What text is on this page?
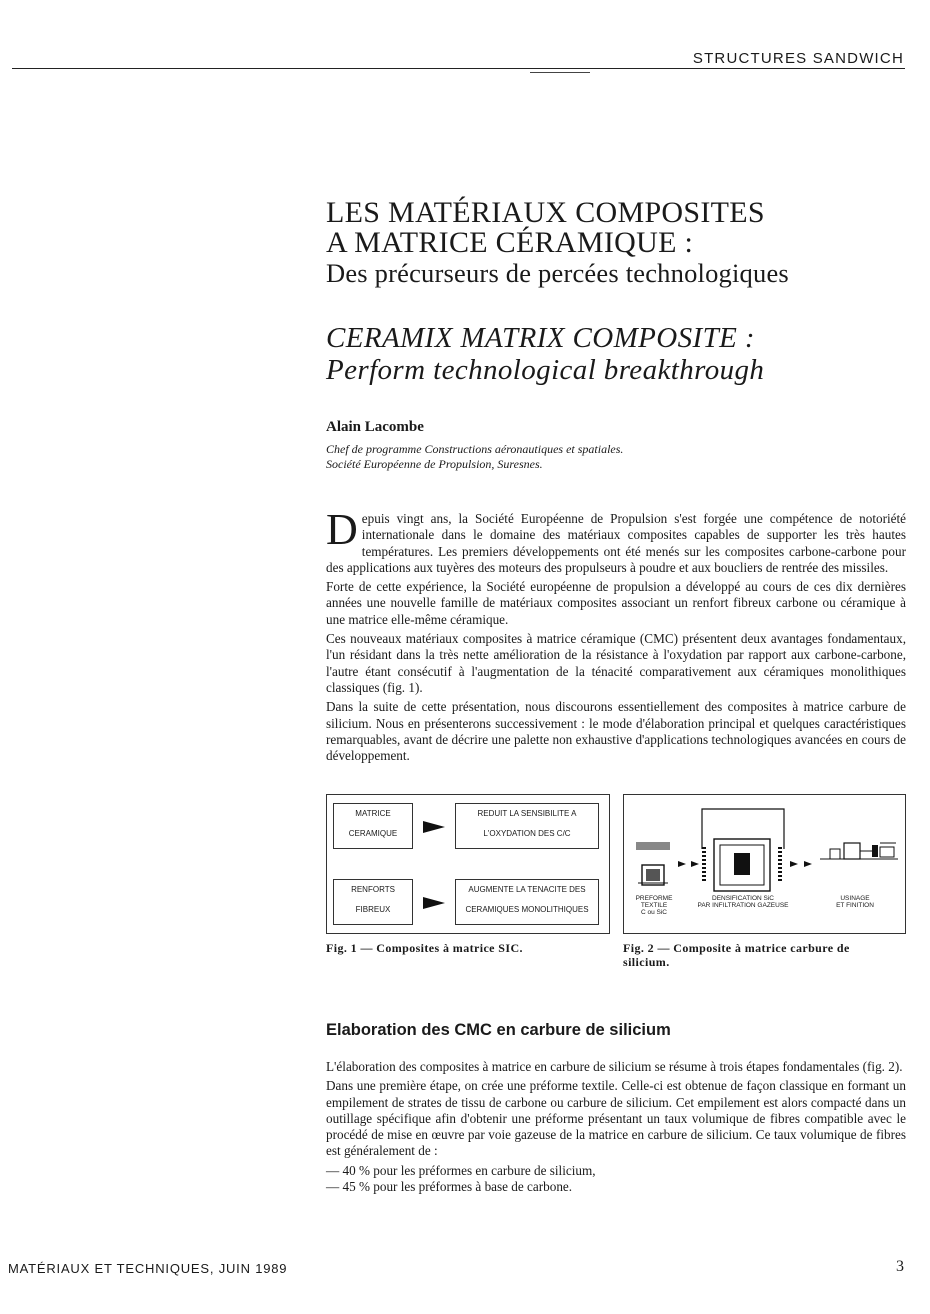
STRUCTURES SANDWICH
LES MATÉRIAUX COMPOSITES
A MATRICE CÉRAMIQUE :
Des précurseurs de percées technologiques
CERAMIX MATRIX COMPOSITE :
Perform technological breakthrough

Alain Lacombe

Chef de programme Constructions aéronautiques et spatiales.
Société Européenne de Propulsion, Suresnes.

Depuis vingt ans, la Société Européenne de Propulsion s'est forgée une compétence de notoriété internationale dans le domaine des matériaux composites capables de supporter les très hautes températures. Les premiers développements ont été menés sur les composites carbone-carbone pour des applications aux tuyères des moteurs des propulseurs à poudre et aux boucliers de rentrée des missiles.

Forte de cette expérience, la Société européenne de propulsion a développé au cours de ces dix dernières années une nouvelle famille de matériaux composites associant un renfort fibreux carbone ou céramique à une matrice elle-même céramique.

Ces nouveaux matériaux composites à matrice céramique (CMC) présentent deux avantages fondamentaux, l'un résidant dans la très nette amélioration de la résistance à l'oxydation par rapport aux carbone-carbone, l'autre étant consécutif à l'augmentation de la ténacité comparativement aux céramiques monolithiques classiques (fig. 1).

Dans la suite de cette présentation, nous discourons essentiellement des composites à matrice carbure de silicium. Nous en présenterons successivement : le mode d'élaboration principal et quelques caractéristiques remarquables, avant de décrire une palette non exhaustive d'applications technologiques avancées en cours de développement.

MATRICE
CERAMIQUE
REDUIT LA SENSIBILITE A
L'OXYDATION DES C/C
RENFORTS
FIBREUX
AUGMENTE LA TENACITE DES
CERAMIQUES MONOLITHIQUES
Fig. 1 — Composites à matrice SIC.
PREFORME
TEXTILE
C ou SiC
DENSIFICATION SiC
PAR INFILTRATION GAZEUSE
USINAGE
ET FINITION
Fig. 2 — Composite à matrice carbure de
silicium.
Elaboration des CMC en carbure de silicium

L'élaboration des composites à matrice en carbure de silicium se résume à trois étapes fondamentales (fig. 2).

Dans une première étape, on crée une préforme textile. Celle-ci est obtenue de façon classique en formant un empilement de strates de tissu de carbone ou carbure de silicium. Cet empilement est alors compacté dans un outillage spécifique afin d'obtenir une préforme présentant un taux volumique de fibres compatible avec le procédé de mise en œuvre par voie gazeuse de la matrice en carbure de silicium. Ce taux volumique de fibres est généralement de :

— 40 % pour les préformes en carbure de silicium,
— 45 % pour les préformes à base de carbone.
MATÉRIAUX ET TECHNIQUES, JUIN 1989	3
